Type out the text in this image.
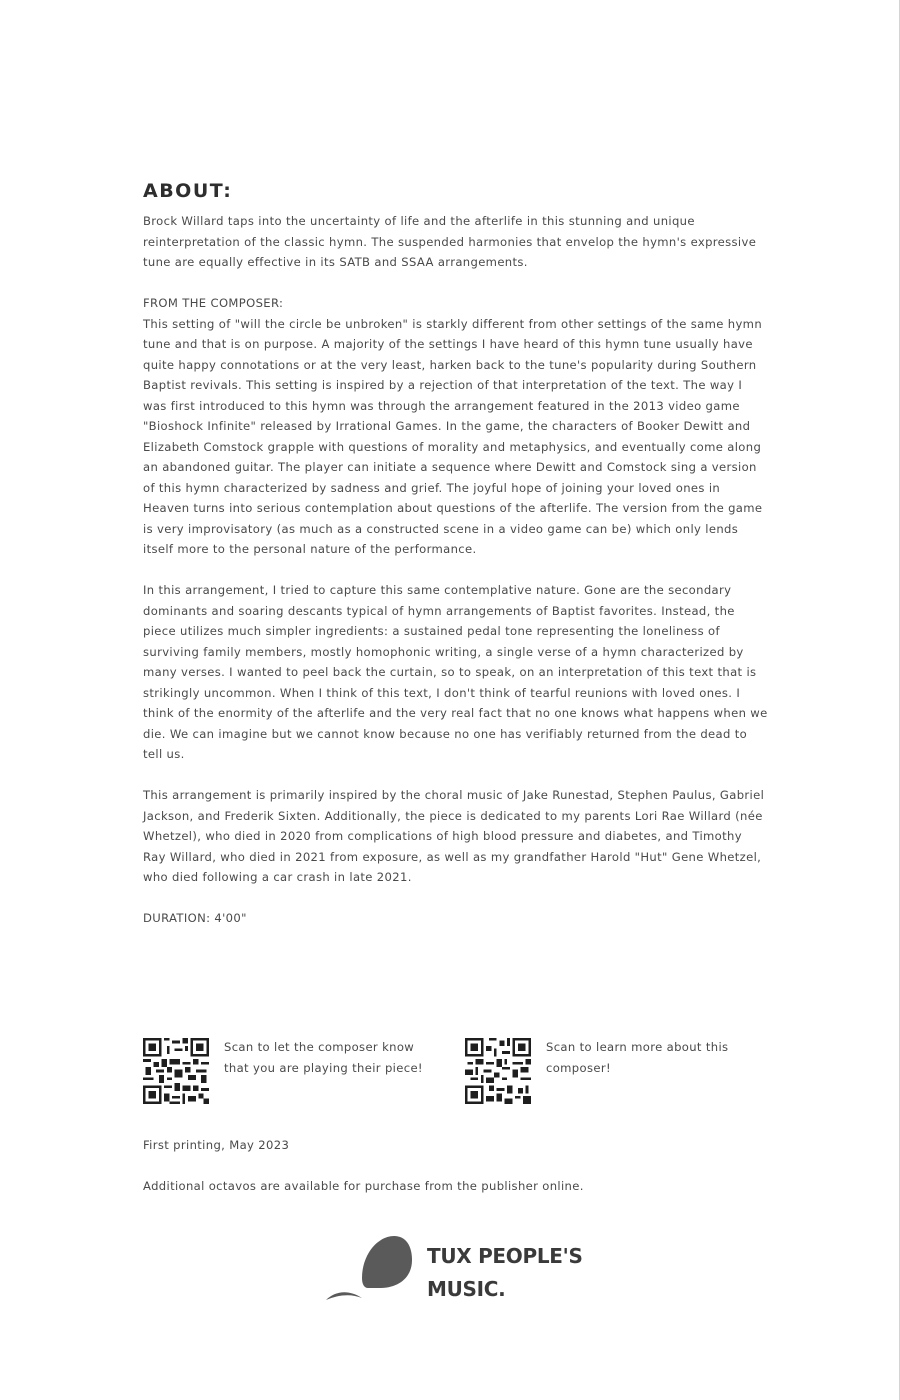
ABOUT:

Brock Willard taps into the uncertainty of life and the afterlife in this stunning and unique reinterpretation of the classic hymn. The suspended harmonies that envelop the hymn's expressive tune are equally effective in its SATB and SSAA arrangements.

FROM THE COMPOSER:

This setting of "will the circle be unbroken" is starkly different from other settings of the same hymn tune and that is on purpose. A majority of the settings I have heard of this hymn tune usually have quite happy connotations or at the very least, harken back to the tune's popularity during Southern Baptist revivals. This setting is inspired by a rejection of that interpretation of the text. The way I was first introduced to this hymn was through the arrangement featured in the 2013 video game "Bioshock Infinite" released by Irrational Games. In the game, the characters of Booker Dewitt and Elizabeth Comstock grapple with questions of morality and metaphysics, and eventually come along an abandoned guitar. The player can initiate a sequence where Dewitt and Comstock sing a version of this hymn characterized by sadness and grief. The joyful hope of joining your loved ones in Heaven turns into serious contemplation about questions of the afterlife. The version from the game is very improvisatory (as much as a constructed scene in a video game can be) which only lends itself more to the personal nature of the performance.

In this arrangement, I tried to capture this same contemplative nature. Gone are the secondary dominants and soaring descants typical of hymn arrangements of Baptist favorites. Instead, the piece utilizes much simpler ingredients: a sustained pedal tone representing the loneliness of surviving family members, mostly homophonic writing, a single verse of a hymn characterized by many verses. I wanted to peel back the curtain, so to speak, on an interpretation of this text that is strikingly uncommon. When I think of this text, I don't think of tearful reunions with loved ones. I think of the enormity of the afterlife and the very real fact that no one knows what happens when we die. We can imagine but we cannot know because no one has verifiably returned from the dead to tell us.

This arrangement is primarily inspired by the choral music of Jake Runestad, Stephen Paulus, Gabriel Jackson, and Frederik Sixten. Additionally, the piece is dedicated to my parents Lori Rae Willard (née Whetzel), who died in 2020 from complications of high blood pressure and diabetes, and Timothy Ray Willard, who died in 2021 from exposure, as well as my grandfather Harold "Hut" Gene Whetzel, who died following a car crash in late 2021.

DURATION: 4'00"

Scan to let the composer know that you are playing their piece!
Scan to learn more about this composer!
First printing, May 2023
Additional octavos are available for purchase from the publisher online.
TUX PEOPLE'S
MUSIC.
